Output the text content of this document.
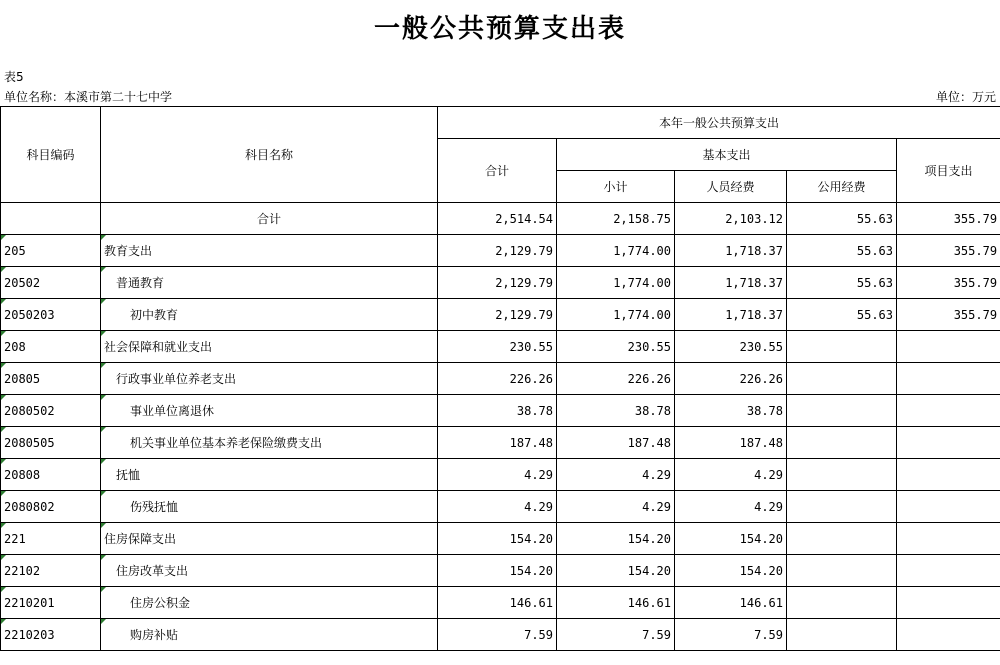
一般公共预算支出表
表5
单位名称：本溪市第二十七中学	单位：万元
科目编码	科目名称	本年一般公共预算支出				
		合计	基本支出			项目支出
			小计	人员经费	公用经费	
	合计	2,514.54	2,158.75	2,103.12	55.63	355.79

205	教育支出	2,129.79	1,774.00	1,718.37	55.63	355.79

20502	普通教育	2,129.79	1,774.00	1,718.37	55.63	355.79

2050203	初中教育	2,129.79	1,774.00	1,718.37	55.63	355.79

208	社会保障和就业支出	230.55	230.55	230.55		

20805	行政事业单位养老支出	226.26	226.26	226.26		

2080502	事业单位离退休	38.78	38.78	38.78		

2080505	机关事业单位基本养老保险缴费支出	187.48	187.48	187.48		

20808	抚恤	4.29	4.29	4.29		

2080802	伤残抚恤	4.29	4.29	4.29		

221	住房保障支出	154.20	154.20	154.20		

22102	住房改革支出	154.20	154.20	154.20		

2210201	住房公积金	146.61	146.61	146.61		

2210203	购房补贴	7.59	7.59	7.59		
